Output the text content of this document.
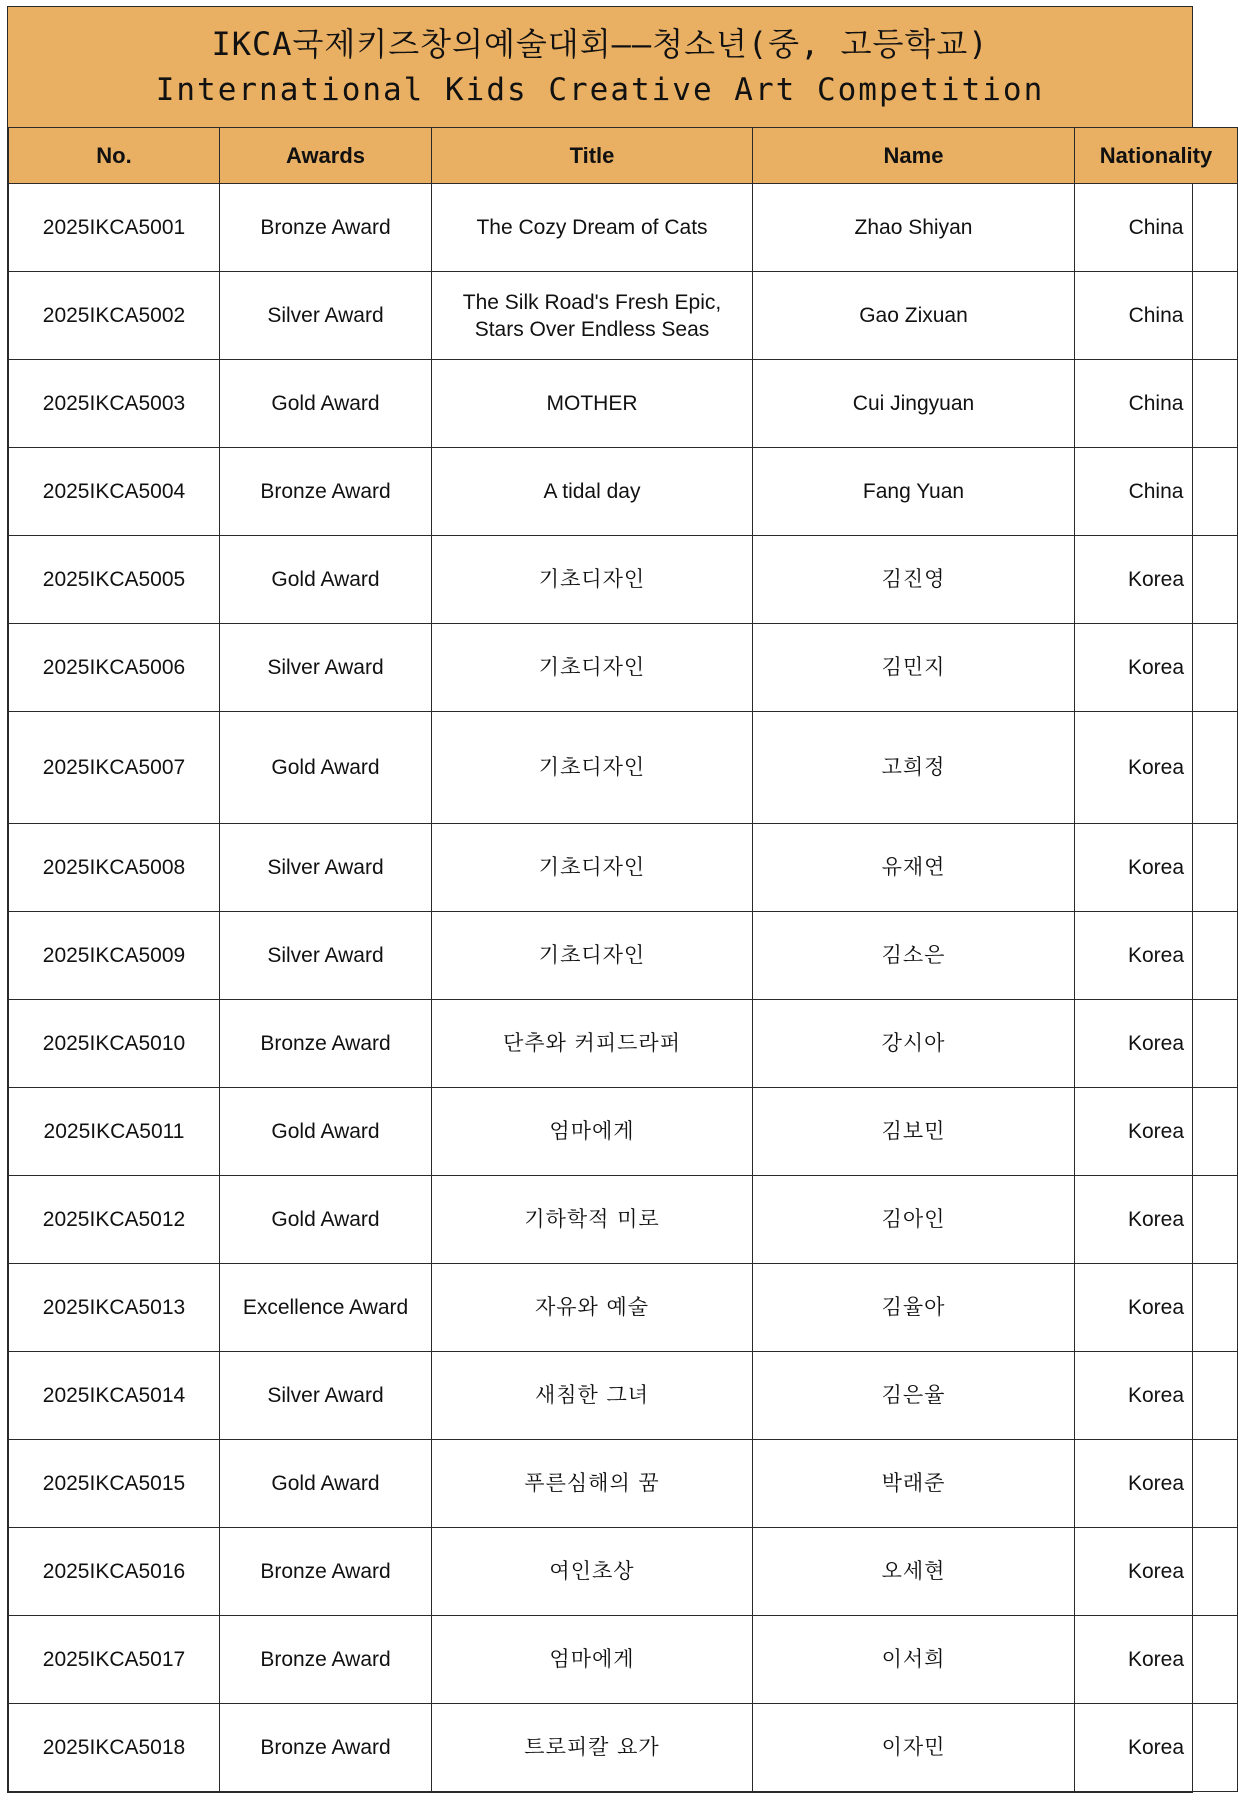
IKCA국제키즈창의예술대회——청소년(중, 고등학교)
International Kids Creative Art Competition
No.	Awards	Title	Name	Nationality
2025IKCA5001	Bronze Award	The Cozy Dream of Cats	Zhao Shiyan	China
2025IKCA5002	Silver Award	The Silk Road's Fresh Epic, Stars Over Endless Seas	Gao Zixuan	China
2025IKCA5003	Gold Award	MOTHER	Cui Jingyuan	China
2025IKCA5004	Bronze Award	A tidal day	Fang Yuan	China
2025IKCA5005	Gold Award	기초디자인	김진영	Korea
2025IKCA5006	Silver Award	기초디자인	김민지	Korea
2025IKCA5007	Gold Award	기초디자인	고희정	Korea
2025IKCA5008	Silver Award	기초디자인	유재연	Korea
2025IKCA5009	Silver Award	기초디자인	김소은	Korea
2025IKCA5010	Bronze Award	단추와 커피드라퍼	강시아	Korea
2025IKCA5011	Gold Award	엄마에게	김보민	Korea
2025IKCA5012	Gold Award	기하학적 미로	김아인	Korea
2025IKCA5013	Excellence Award	자유와 예술	김율아	Korea
2025IKCA5014	Silver Award	새침한 그녀	김은율	Korea
2025IKCA5015	Gold Award	푸른심해의 꿈	박래준	Korea
2025IKCA5016	Bronze Award	여인초상	오세현	Korea
2025IKCA5017	Bronze Award	엄마에게	이서희	Korea
2025IKCA5018	Bronze Award	트로피칼 요가	이자민	Korea
